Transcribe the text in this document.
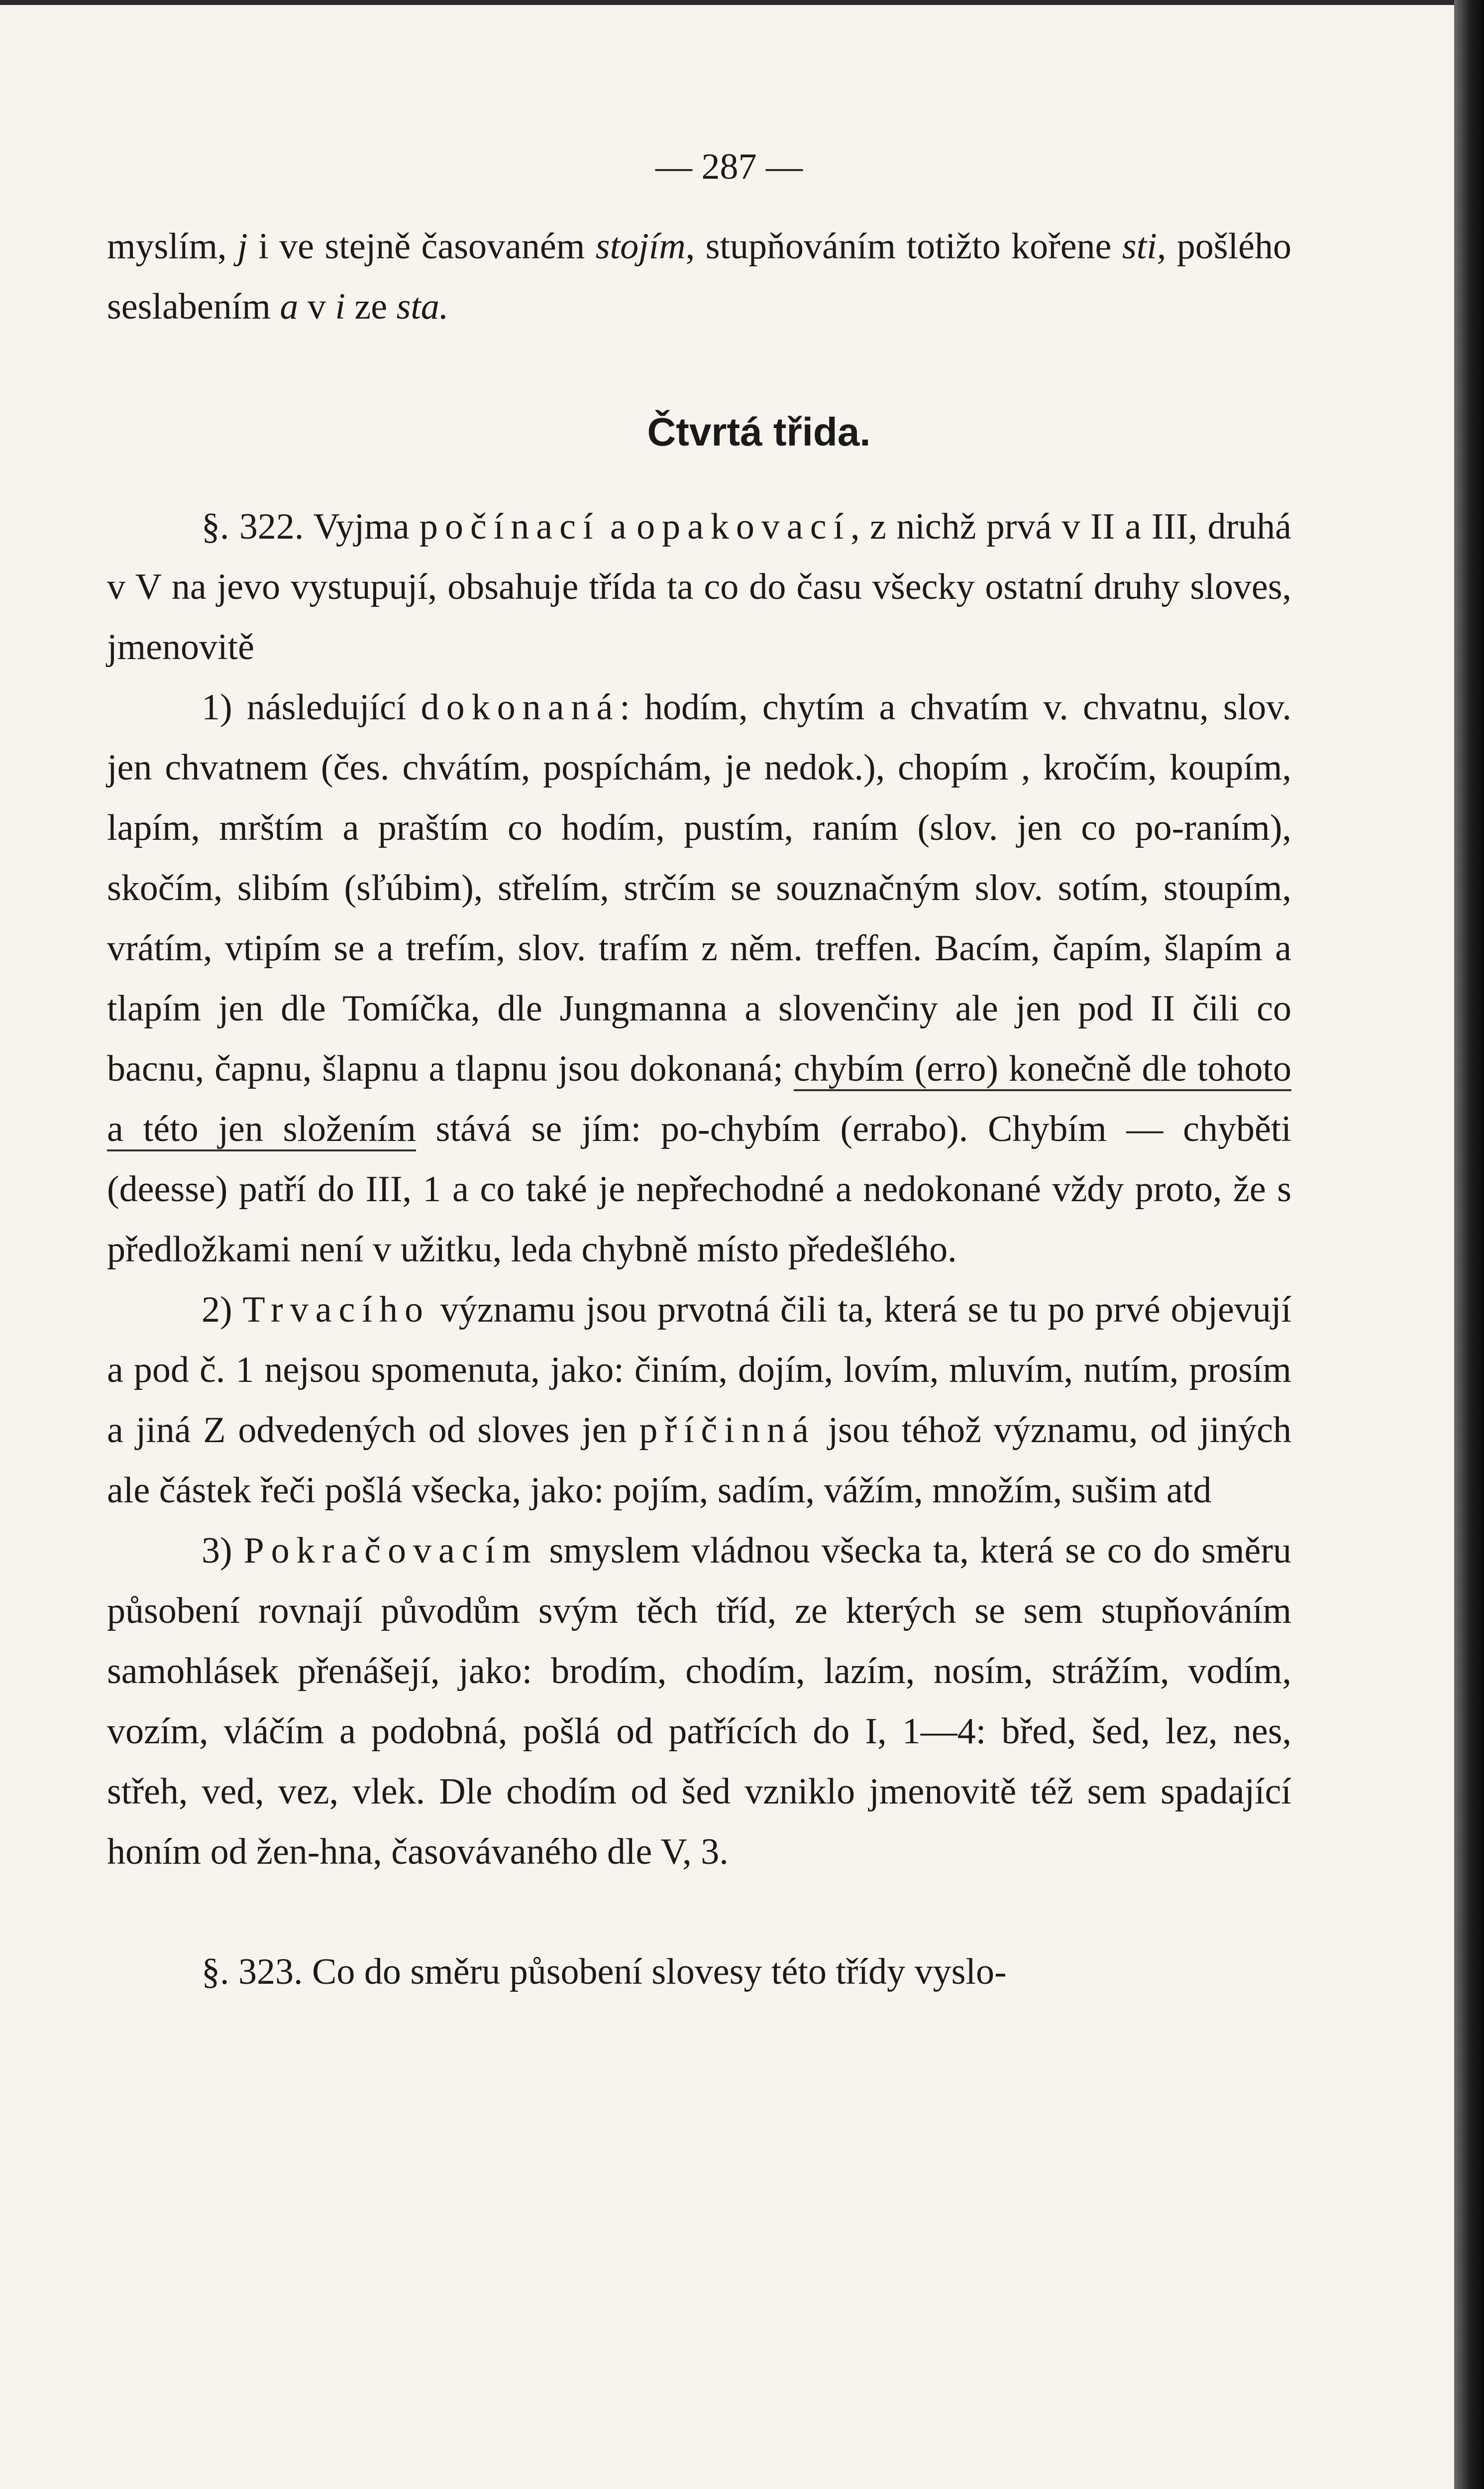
— 287 —

myslím, j i ve stejně časovaném stojím, stupňováním totižto kořene sti, pošlého seslabením a v i ze sta.

Čtvrtá třida.

§. 322. Vyjma počínací a opakovací, z nichž prvá v II a III, druhá v V na jevo vystupují, obsahuje třída ta co do času všecky ostatní druhy sloves, jmenovitě

1) následující dokonaná: hodím, chytím a chvatím v. chvatnu, slov. jen chvatnem (čes. chvátím, pospíchám, je nedok.), chopím , kročím, koupím, lapím, mrštím a praštím co hodím, pustím, raním (slov. jen co po-raním), skočím, slibím (sľúbim), střelím, strčím se souznačným slov. sotím, stoupím, vrátím, vtipím se a trefím, slov. trafím z něm. treffen. Bacím, čapím, šlapím a tlapím jen dle Tomíčka, dle Jungmanna a slovenčiny ale jen pod II čili co bacnu, čapnu, šlapnu a tlapnu jsou dokonaná; chybím (erro) konečně dle tohoto a této jen složením stává se jím: po-chybím (errabo). Chybím — chyběti (deesse) patří do III, 1 a co také je nepřechodné a nedokonané vždy proto, že s předložkami není v užitku, leda chybně místo předešlého.

2) Trvacího významu jsou prvotná čili ta, která se tu po prvé objevují a pod č. 1 nejsou spomenuta, jako: činím, dojím, lovím, mluvím, nutím, prosím a jiná Z odvedených od sloves jen příčinná jsou téhož významu, od jiných ale částek řeči pošlá všecka, jako: pojím, sadím, vážím, množím, sušim atd

3) Pokračovacím smyslem vládnou všecka ta, která se co do směru působení rovnají původům svým těch tříd, ze kterých se sem stupňováním samohlásek přenášejí, jako: brodím, chodím, lazím, nosím, strážím, vodím, vozím, vláčím a podobná, pošlá od patřících do I, 1—4: břed, šed, lez, nes, střeh, ved, vez, vlek. Dle chodím od šed vzniklo jmenovitě též sem spadající honím od žen-hna, časovávaného dle V, 3.

§. 323. Co do směru působení slovesy této třídy vyslo-
